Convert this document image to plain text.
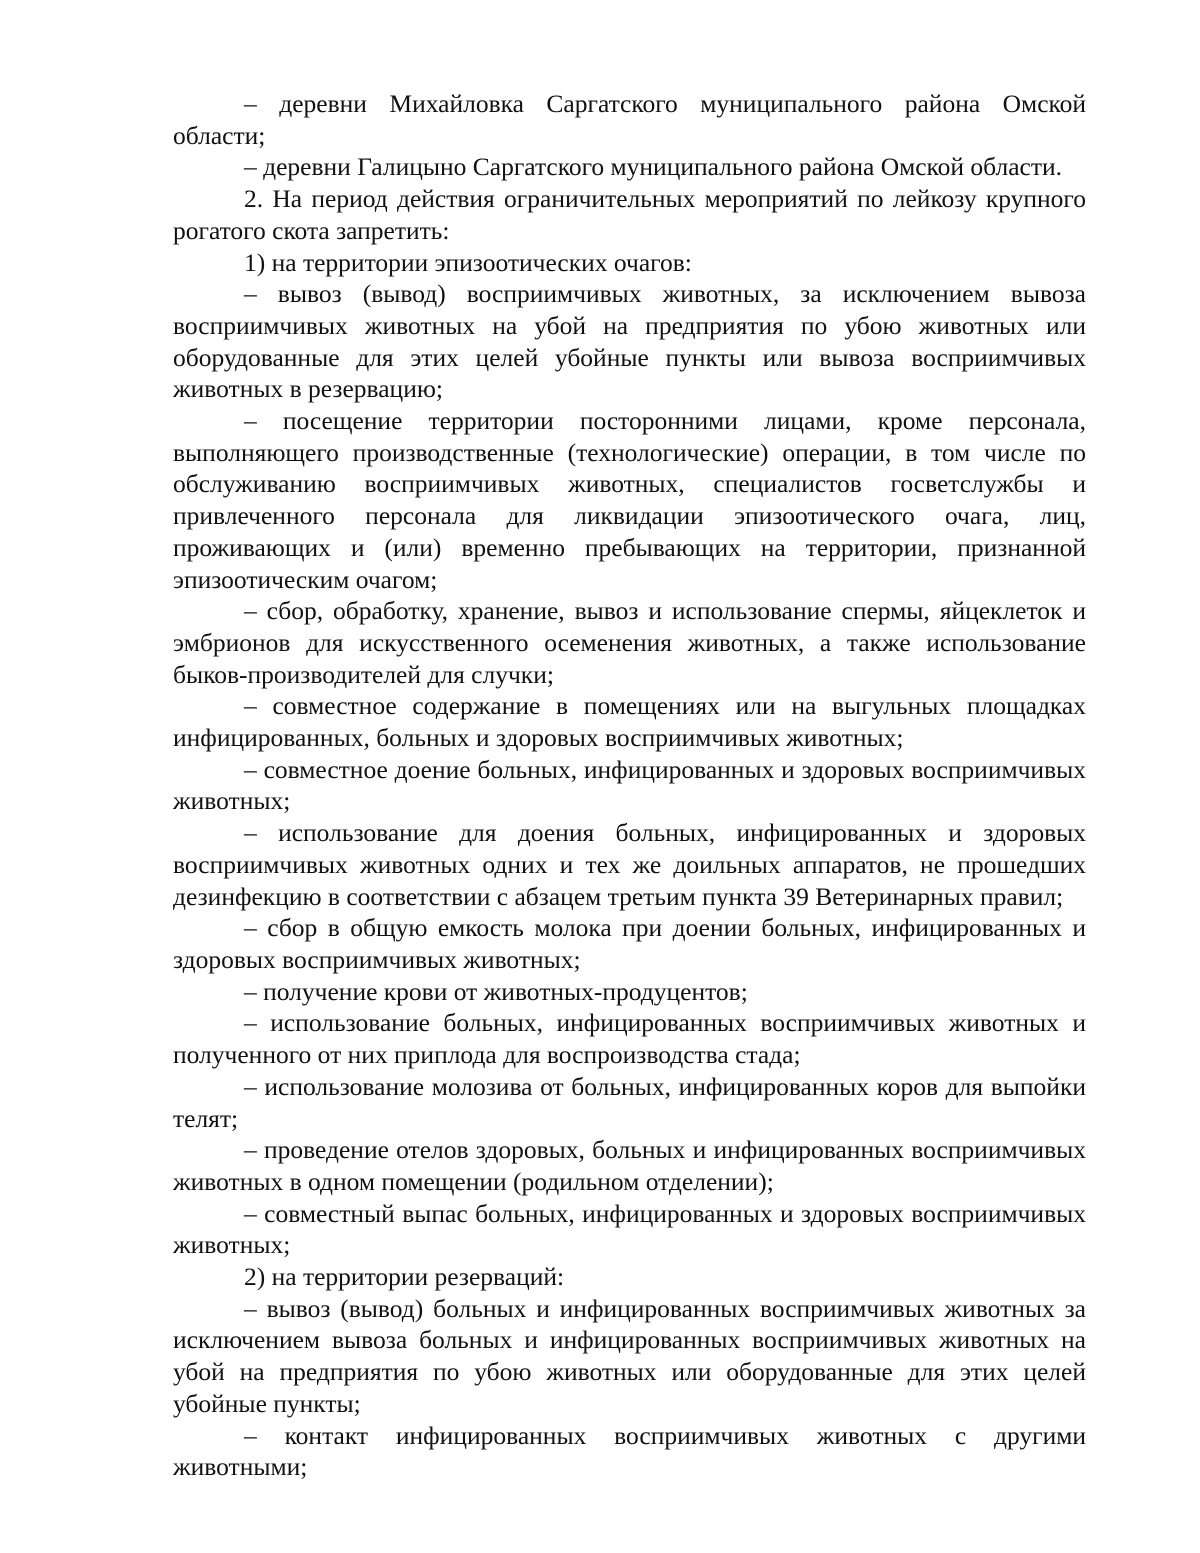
– деревни Михайловка Саргатского муниципального района Омской области;

– деревни Галицыно Саргатского муниципального района Омской области.

2. На период действия ограничительных мероприятий по лейкозу крупного рогатого скота запретить:

1) на территории эпизоотических очагов:

– вывоз (вывод) восприимчивых животных, за исключением вывоза восприимчивых животных на убой на предприятия по убою животных или оборудованные для этих целей убойные пункты или вывоза восприимчивых животных в резервацию;

– посещение территории посторонними лицами, кроме персонала, выполняющего производственные (технологические) операции, в том числе по обслуживанию восприимчивых животных, специалистов госветслужбы и привлеченного персонала для ликвидации эпизоотического очага, лиц, проживающих и (или) временно пребывающих на территории, признанной эпизоотическим очагом;

– сбор, обработку, хранение, вывоз и использование спермы, яйцеклеток и эмбрионов для искусственного осеменения животных, а также использование быков-производителей для случки;

– совместное содержание в помещениях или на выгульных площадках инфицированных, больных и здоровых восприимчивых животных;

– совместное доение больных, инфицированных и здоровых восприимчивых животных;

– использование для доения больных, инфицированных и здоровых восприимчивых животных одних и тех же доильных аппаратов, не прошедших дезинфекцию в соответствии с абзацем третьим пункта 39 Ветеринарных правил;

– сбор в общую емкость молока при доении больных, инфицированных и здоровых восприимчивых животных;

– получение крови от животных-продуцентов;

– использование больных, инфицированных восприимчивых животных и полученного от них приплода для воспроизводства стада;

– использование молозива от больных, инфицированных коров для выпойки телят;

– проведение отелов здоровых, больных и инфицированных восприимчивых животных в одном помещении (родильном отделении);

– совместный выпас больных, инфицированных и здоровых восприимчивых животных;

2) на территории резерваций:

– вывоз (вывод) больных и инфицированных восприимчивых животных за исключением вывоза больных и инфицированных восприимчивых животных на убой на предприятия по убою животных или оборудованные для этих целей убойные пункты;

– контакт инфицированных восприимчивых животных с другими животными;
